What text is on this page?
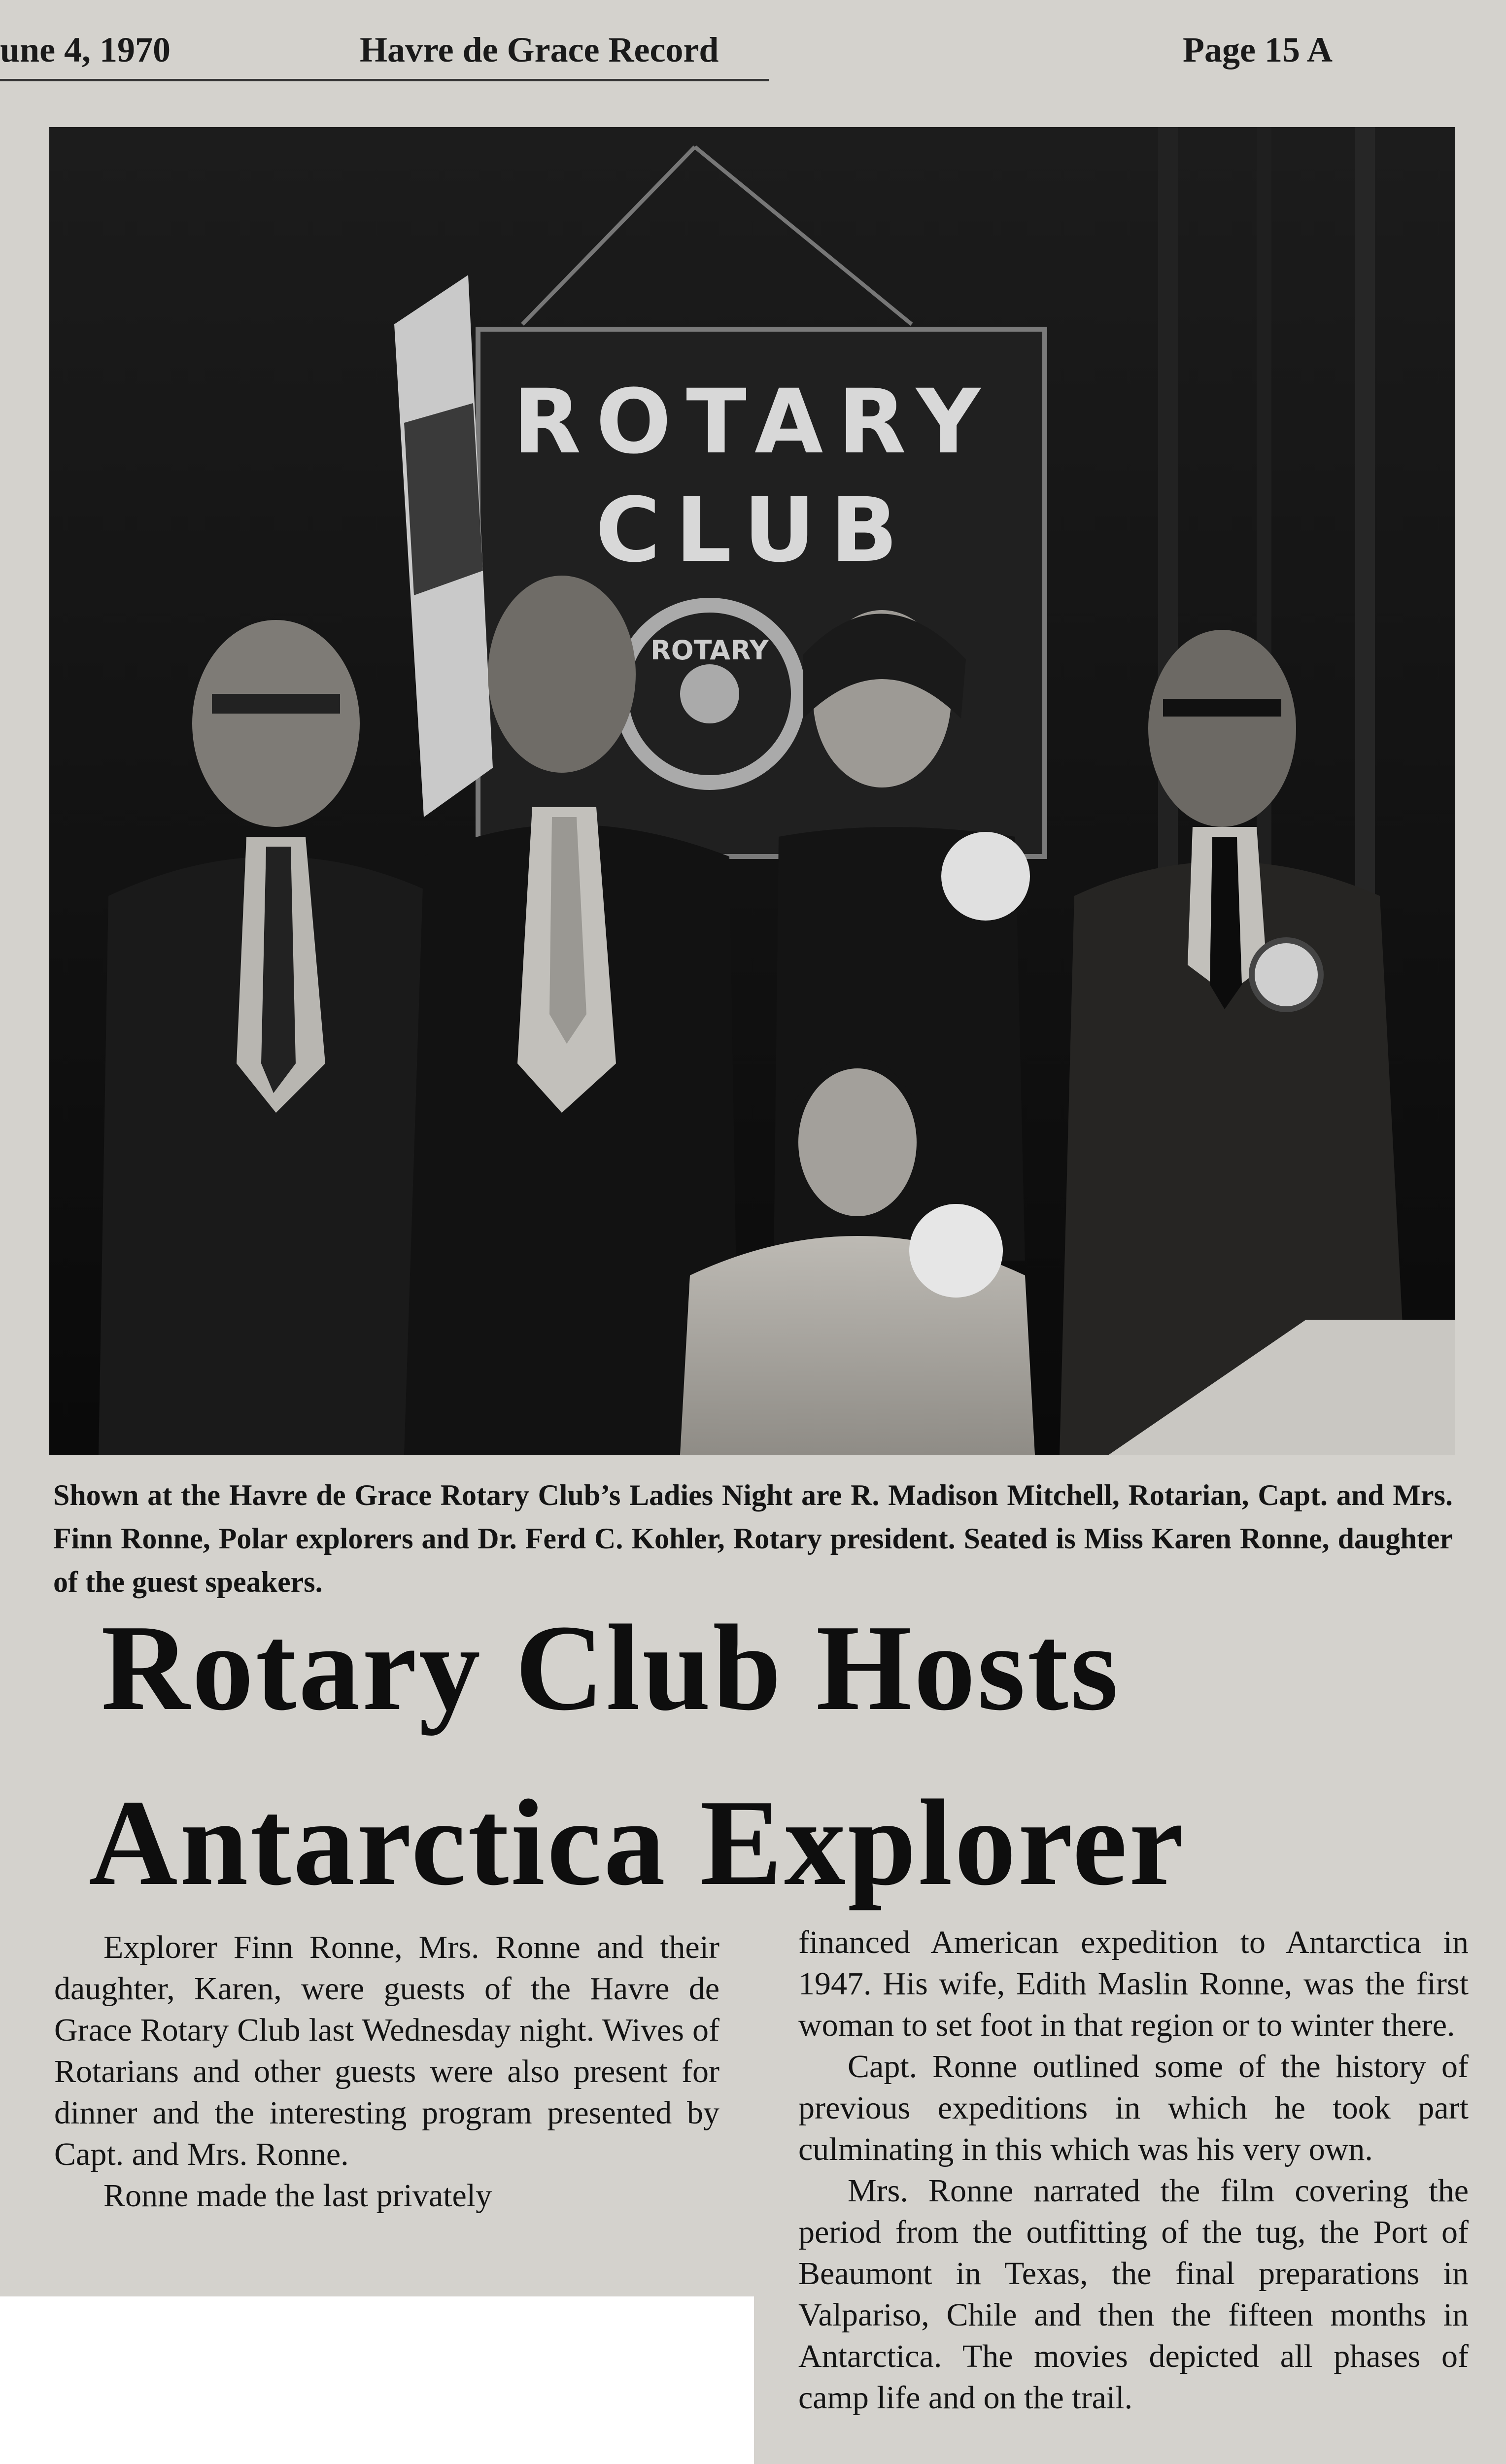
une 4, 1970	Havre de Grace Record	Page 15 A
ROTARY
CLUB
ROTARY
Shown at the Havre de Grace Rotary Club’s Ladies Night are R. Madison Mitchell, Rotarian, Capt. and Mrs. Finn Ronne, Polar explorers and Dr. Ferd C. Kohler, Rotary president. Seated is Miss Karen Ronne, daughter of the guest speakers.
Rotary Club Hosts
Antarctica Explorer

Explorer Finn Ronne, Mrs. Ronne and their daughter, Karen, were guests of the Havre de Grace Rotary Club last Wednesday night. Wives of Rotarians and other guests were also present for dinner and the interesting program presented by Capt. and Mrs. Ronne.

Ronne made the last privately

financed American expedition to Antarctica in 1947. His wife, Edith Maslin Ronne, was the first woman to set foot in that region or to winter there.

Capt. Ronne outlined some of the history of previous expeditions in which he took part culminating in this which was his very own.

Mrs. Ronne narrated the film covering the period from the outfitting of the tug, the Port of Beaumont in Texas, the final preparations in Valpariso, Chile and then the fifteen months in Antarctica. The movies depicted all phases of camp life and on the trail.
